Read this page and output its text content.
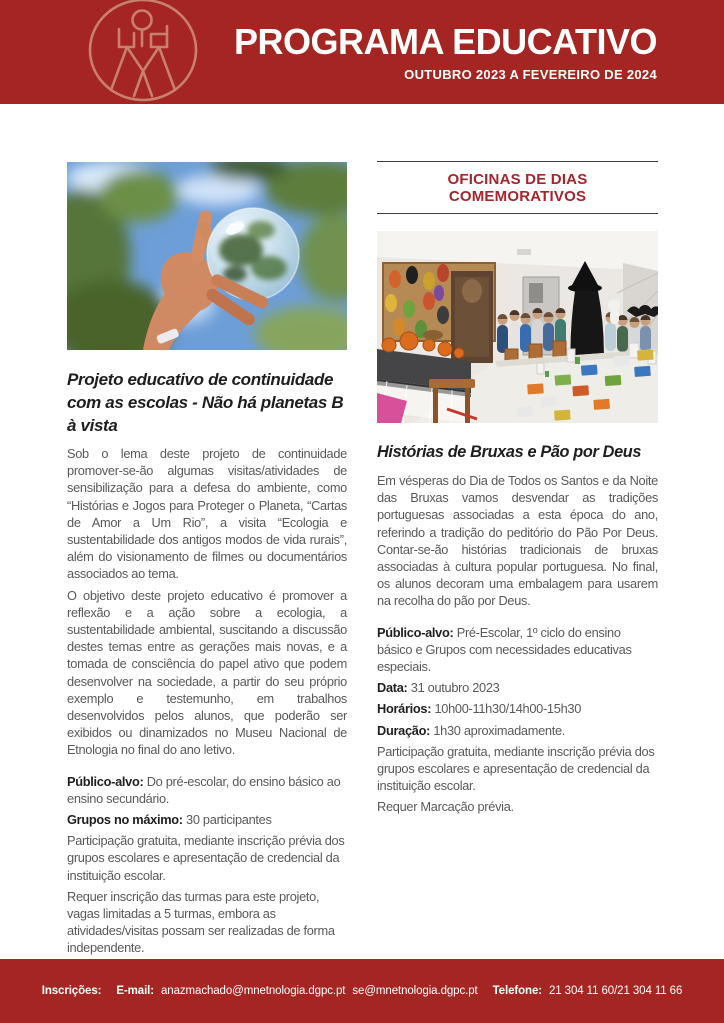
PROGRAMA EDUCATIVO
OUTUBRO 2023 A FEVEREIRO DE 2024
Projeto educativo de continuidade com as escolas - Não há planetas B à vista

Sob o lema deste projeto de continuidade promover-se-ão algumas visitas/atividades de sensibilização para a defesa do ambiente, como “Histórias e Jogos para Proteger o Planeta, “Cartas de Amor a Um Rio”, a visita “Ecologia e sustentabilidade dos antigos modos de vida rurais”, além do visionamento de filmes ou documentários associados ao tema.

O objetivo deste projeto educativo é promover a reflexão e a ação sobre a ecologia, a sustentabilidade ambiental, suscitando a discussão destes temas entre as gerações mais novas, e a tomada de consciência do papel ativo que podem desenvolver na sociedade, a partir do seu próprio exemplo e testemunho, em trabalhos desenvolvidos pelos alunos, que poderão ser exibidos ou dinamizados no Museu Nacional de Etnologia no final do ano letivo.

Público-alvo: Do pré-escolar, do ensino básico ao ensino secundário.

Grupos no máximo: 30 participantes

Participação gratuita, mediante inscrição prévia dos grupos escolares e apresentação de credencial da instituição escolar.

Requer inscrição das turmas para este projeto, vagas limitadas a 5 turmas, embora as atividades/visitas possam ser realizadas de forma independente.

OFICINAS DE DIAS COMEMORATIVOS
Histórias de Bruxas e Pão por Deus

Em vésperas do Dia de Todos os Santos e da Noite das Bruxas vamos desvendar as tradições portuguesas associadas a esta época do ano, referindo a tradição do peditório do Pão Por Deus. Contar-se-ão histórias tradicionais de bruxas associadas à cultura popular portuguesa. No final, os alunos decoram uma embalagem para usarem na recolha do pão por Deus.

Público-alvo: Pré-Escolar, 1º ciclo do ensino básico e Grupos com necessidades educativas especiais.

Data: 31 outubro 2023

Horários: 10h00-11h30/14h00-15h30

Duração: 1h30 aproximadamente.

Participação gratuita, mediante inscrição prévia dos grupos escolares e apresentação de credencial da instituição escolar.

Requer Marcação prévia.

Inscrições: E-mail: anazmachado@mnetnologia.dgpc.pt se@mnetnologia.dgpc.pt Telefone: 21 304 11 60/21 304 11 66
